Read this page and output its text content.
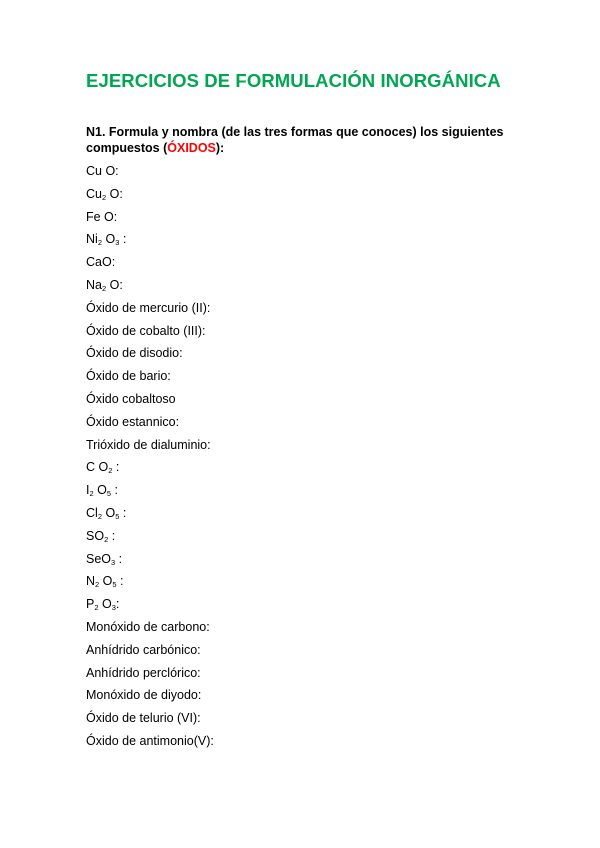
EJERCICIOS DE FORMULACIÓN INORGÁNICA

N1. Formula y nombra (de las tres formas que conoces) los siguientes compuestos (ÓXIDOS):

Cu O:
$Cu_2$ O:
Fe O:
$Ni_2$ $O_3$ :
CaO:
$Na_2$ O:
Óxido de mercurio (II):
Óxido de cobalto (III):
Óxido de disodio:
Óxido de bario:
Óxido cobaltoso
Óxido estannico:
Trióxido de dialuminio:
C $O_2$ :
$I_2$ $O_5$ :
$Cl_2$ $O_5$ :
$SO_2$ :
SeO$_3$ :
$N_2$ $O_5$ :
$P_2$ $O_3$:
Monóxido de carbono:
Anhídrido carbónico:
Anhídrido perclórico:
Monóxido de diyodo:
Óxido de telurio (VI):
Óxido de antimonio(V):
